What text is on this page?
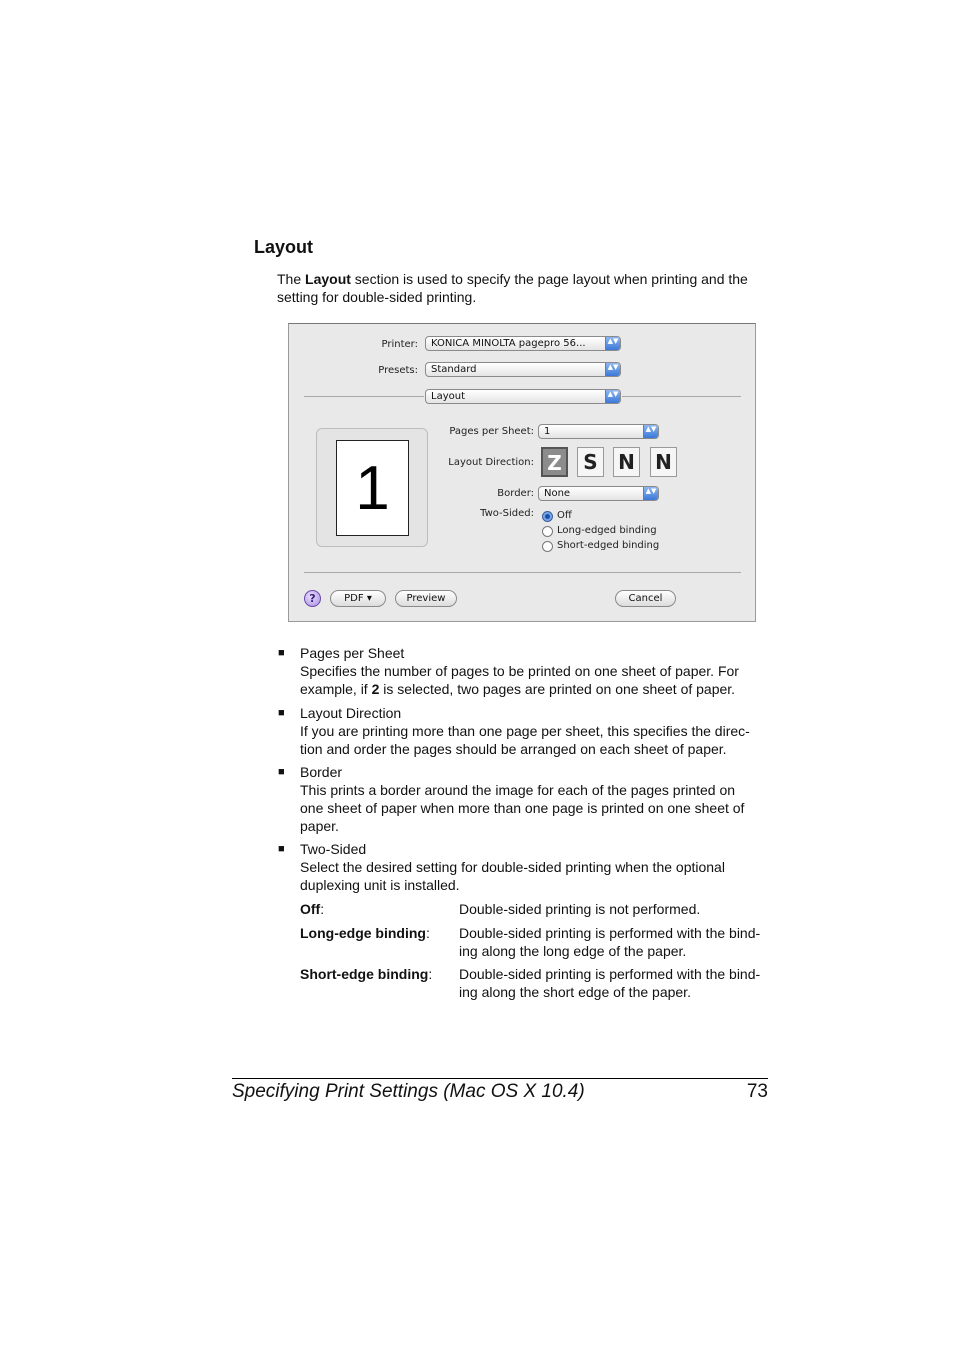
Layout
The Layout section is used to specify the page layout when printing and the setting for double-sided printing.
Printer:	KONICA MINOLTA pagepro 56...	▲▼
Presets:	Standard	▲▼
Layout	▲▼
1
Pages per Sheet:	1	▲▼
Layout Direction: Z	S	N N
Border:	None	▲▼
Two-Sided: Off
Long-edged binding
Short-edged binding
?	PDF ▾	Preview	Cancel
■ Pages per Sheet
Specifies the number of pages to be printed on one sheet of paper. For example, if 2 is selected, two pages are printed on one sheet of paper.
■ Layout Direction
If you are printing more than one page per sheet, this specifies the direc-tion and order the pages should be arranged on each sheet of paper.
■ Border
This prints a border around the image for each of the pages printed on one sheet of paper when more than one page is printed on one sheet of paper.
■ Two-Sided
Select the desired setting for double-sided printing when the optional duplexing unit is installed.
Off:	Double-sided printing is not performed.
Long-edge binding: Double-sided printing is performed with the bind-ing along the long edge of the paper.
Short-edge binding: Double-sided printing is performed with the bind-ing along the short edge of the paper.
Specifying Print Settings (Mac OS X 10.4)	73
